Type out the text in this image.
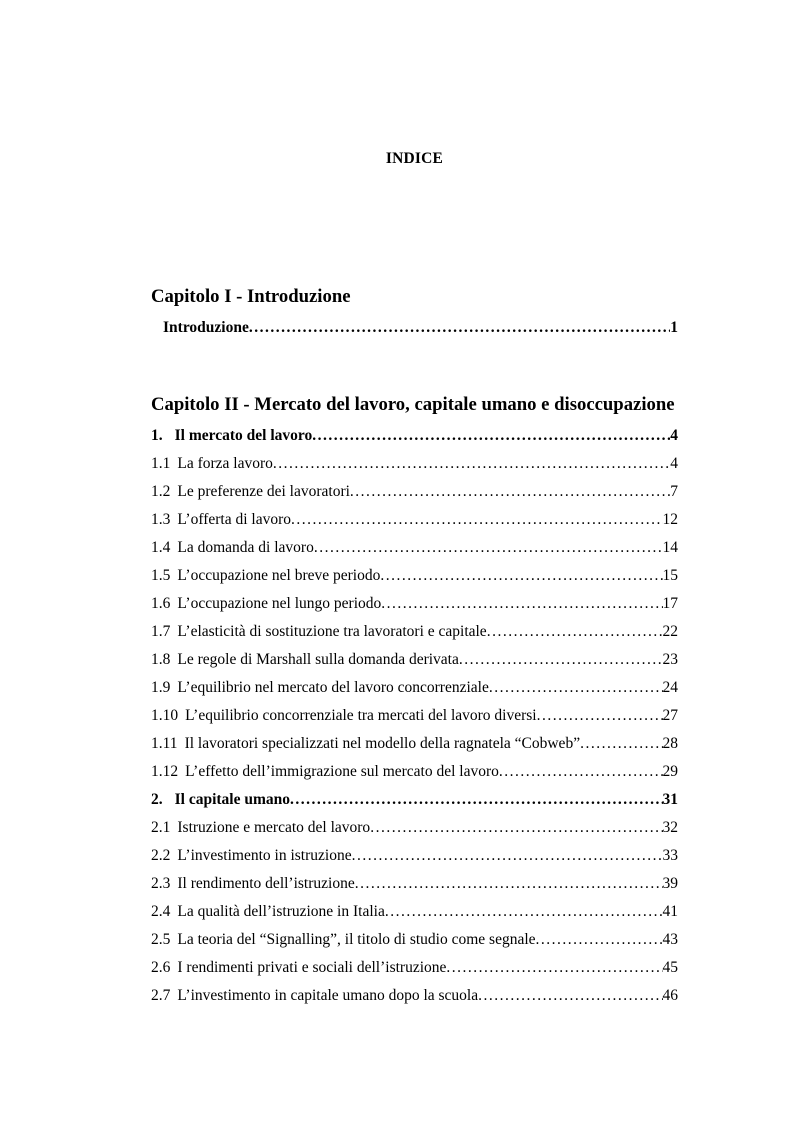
INDICE
Capitolo I - Introduzione
Introduzione .....	1
Capitolo II - Mercato del lavoro, capitale umano e disoccupazione
1. Il mercato del lavoro .....	4
1.1 La forza lavoro .....	4
1.2 Le preferenze dei lavoratori .....	7
1.3 L’offerta di lavoro .....	12
1.4 La domanda di lavoro .....	14
1.5 L’occupazione nel breve periodo .....	15
1.6 L’occupazione nel lungo periodo .....	17
1.7 L’elasticità di sostituzione tra lavoratori e capitale .....	22
1.8 Le regole di Marshall sulla domanda derivata .....	23
1.9 L’equilibrio nel mercato del lavoro concorrenziale .....	24
1.10 L’equilibrio concorrenziale tra mercati del lavoro diversi .....	27
1.11 Il lavoratori specializzati nel modello della ragnatela “Cobweb” .....	28
1.12 L’effetto dell’immigrazione sul mercato del lavoro .....	29
2. Il capitale umano .....	31
2.1 Istruzione e mercato del lavoro .....	32
2.2 L’investimento in istruzione .....	33
2.3 Il rendimento dell’istruzione .....	39
2.4 La qualità dell’istruzione in Italia .....	41
2.5 La teoria del “Signalling”, il titolo di studio come segnale .....	43
2.6 I rendimenti privati e sociali dell’istruzione .....	45
2.7 L’investimento in capitale umano dopo la scuola .....	46
